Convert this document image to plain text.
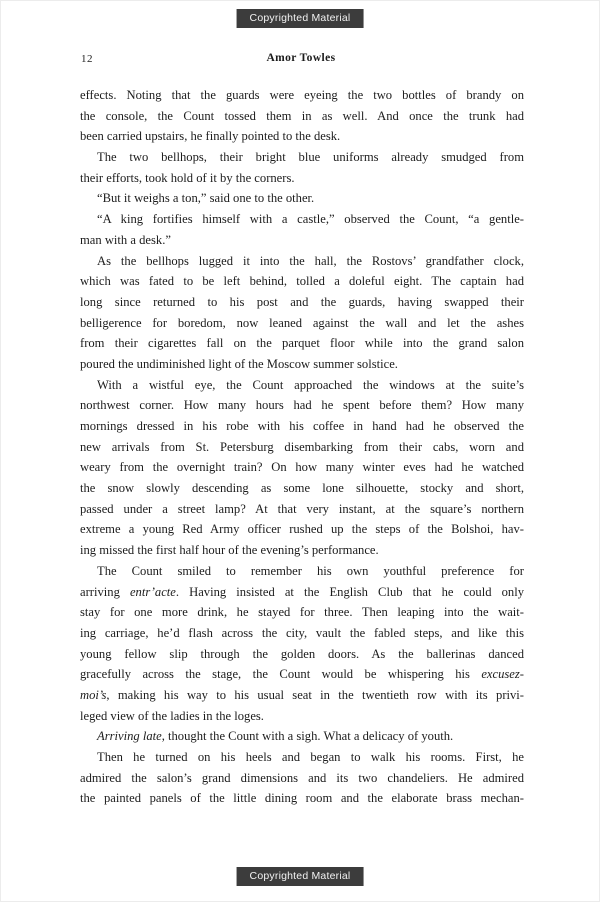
Copyrighted Material
12	Amor Towles
effects. Noting that the guards were eyeing the two bottles of brandy on
the console, the Count tossed them in as well. And once the trunk had
been carried upstairs, he finally pointed to the desk.
The two bellhops, their bright blue uniforms already smudged from
their efforts, took hold of it by the corners.
“But it weighs a ton,” said one to the other.
“A king fortifies himself with a castle,” observed the Count, “a gentle-
man with a desk.”
As the bellhops lugged it into the hall, the Rostovs’ grandfather clock,
which was fated to be left behind, tolled a doleful eight. The captain had
long since returned to his post and the guards, having swapped their
belligerence for boredom, now leaned against the wall and let the ashes
from their cigarettes fall on the parquet floor while into the grand salon
poured the undiminished light of the Moscow summer solstice.
With a wistful eye, the Count approached the windows at the suite’s
northwest corner. How many hours had he spent before them? How many
mornings dressed in his robe with his coffee in hand had he observed the
new arrivals from St. Petersburg disembarking from their cabs, worn and
weary from the overnight train? On how many winter eves had he watched
the snow slowly descending as some lone silhouette, stocky and short,
passed under a street lamp? At that very instant, at the square’s northern
extreme a young Red Army officer rushed up the steps of the Bolshoi, hav-
ing missed the first half hour of the evening’s performance.
The Count smiled to remember his own youthful preference for
arriving entr’acte. Having insisted at the English Club that he could only
stay for one more drink, he stayed for three. Then leaping into the wait-
ing carriage, he’d flash across the city, vault the fabled steps, and like this
young fellow slip through the golden doors. As the ballerinas danced
gracefully across the stage, the Count would be whispering his excusez-
moi’s, making his way to his usual seat in the twentieth row with its privi-
leged view of the ladies in the loges.
Arriving late, thought the Count with a sigh. What a delicacy of youth.
Then he turned on his heels and began to walk his rooms. First, he
admired the salon’s grand dimensions and its two chandeliers. He admired
the painted panels of the little dining room and the elaborate brass mechan-
Copyrighted Material
